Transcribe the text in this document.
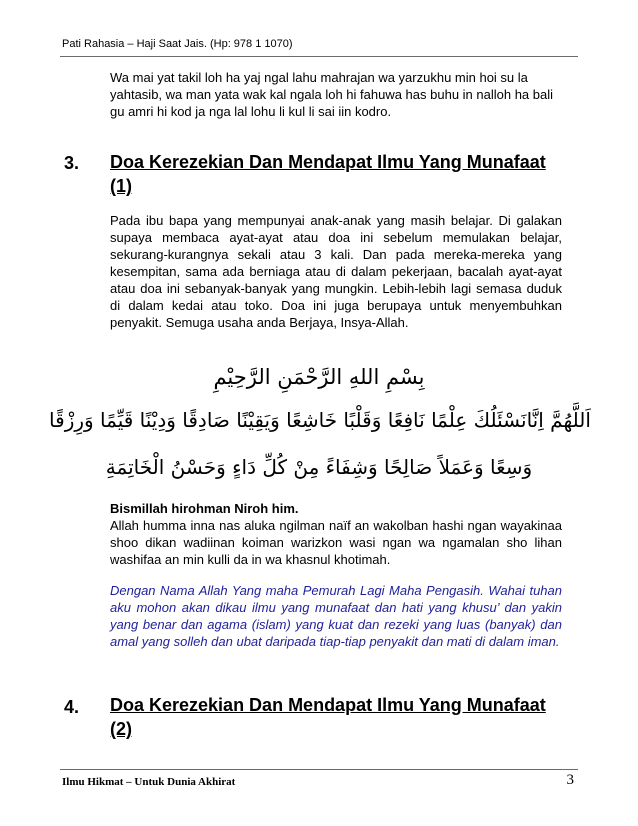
Pati Rahasia – Haji Saat Jais. (Hp: 978 1 1070)

Wa mai yat takil loh ha yaj ngal lahu mahrajan wa yarzukhu min hoi su la yahtasib, wa man yata wak kal ngala loh hi fahuwa has buhu in nalloh ha bali gu amri hi kod ja nga lal lohu li kul li sai iin kodro.

3. Doa Kerezekian Dan Mendapat Ilmu Yang Munafaat (1)

Pada ibu bapa yang mempunyai anak-anak yang masih belajar. Di galakan supaya membaca ayat-ayat atau doa ini sebelum memulakan belajar, sekurang-kurangnya sekali atau 3 kali. Dan pada mereka-mereka yang kesempitan, sama ada berniaga atau di dalam pekerjaan, bacalah ayat-ayat atau doa ini sebanyak-banyak yang mungkin. Lebih-lebih lagi semasa duduk di dalam kedai atau toko. Doa ini juga berupaya untuk menyembuhkan penyakit. Semuga usaha anda Berjaya, Insya-Allah.

بِسْمِ اللهِ الرَّحْمَنِ الرَّحِيْمِ
اَللَّهُمَّ اِنَّانَسْئَلُكَ عِلْمًا نَافِعًا وَقَلْبًا خَاشِعًا وَيَقِيْنًا صَادِقًا وَدِيْنًا قَيِّمًا وَرِزْقًا
وَسِعًا وَعَمَلاً صَالِحًا وَشِفَاءً مِنْ كُلِّ دَاءٍ وَحَسْنُ الْخَاتِمَةِ
Bismillah hirohman Niroh him.
Allah humma inna nas aluka ngilman naïf an wakolban hashi ngan wayakinaa shoo dikan wadiinan koiman warizkon wasi ngan wa ngamalan sho lihan washifaa an min kulli da in wa khasnul khotimah.

Dengan Nama Allah Yang maha Pemurah Lagi Maha Pengasih. Wahai tuhan aku mohon akan dikau ilmu yang munafaat dan hati yang khusu’ dan yakin yang benar dan agama (islam) yang kuat dan rezeki yang luas (banyak) dan amal yang solleh dan ubat daripada tiap-tiap penyakit dan mati di dalam iman.

4. Doa Kerezekian Dan Mendapat Ilmu Yang Munafaat (2)
Ilmu Hikmat – Untuk Dunia Akhirat	3
